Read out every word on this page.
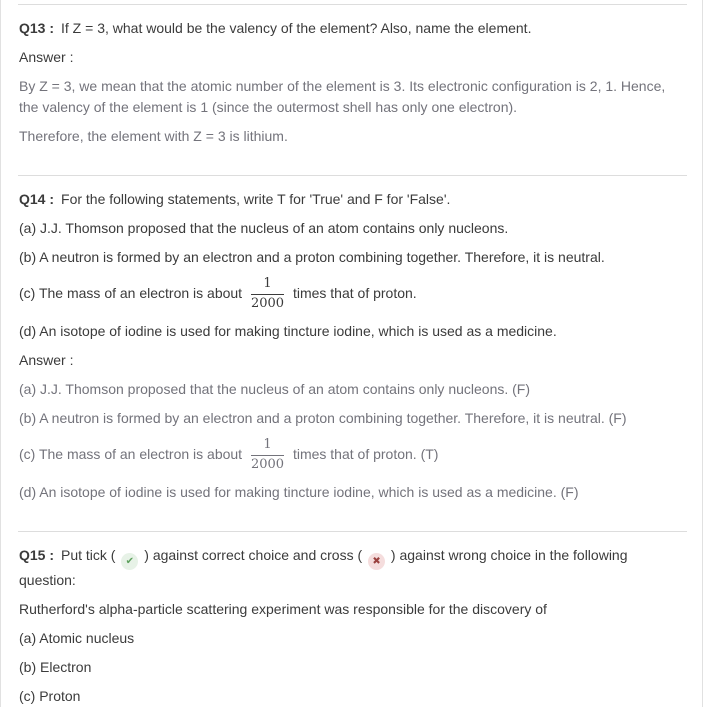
Q13 : If Z = 3, what would be the valency of the element? Also, name the element.

Answer :

By Z = 3, we mean that the atomic number of the element is 3. Its electronic configuration is 2, 1. Hence, the valency of the element is 1 (since the outermost shell has only one electron).

Therefore, the element with Z = 3 is lithium.

Q14 : For the following statements, write T for 'True' and F for 'False'.

(a) J.J. Thomson proposed that the nucleus of an atom contains only nucleons.

(b) A neutron is formed by an electron and a proton combining together. Therefore, it is neutral.

(c) The mass of an electron is about $\frac{1}{2000}$ times that of proton.

(d) An isotope of iodine is used for making tincture iodine, which is used as a medicine.

Answer :

(a) J.J. Thomson proposed that the nucleus of an atom contains only nucleons. (F)

(b) A neutron is formed by an electron and a proton combining together. Therefore, it is neutral. (F)

(c) The mass of an electron is about $\frac{1}{2000}$ times that of proton. (T)

(d) An isotope of iodine is used for making tincture iodine, which is used as a medicine. (F)

Q15 : Put tick ( ✔ ) against correct choice and cross ( ✖ ) against wrong choice in the following question:

Rutherford's alpha-particle scattering experiment was responsible for the discovery of

(a) Atomic nucleus

(b) Electron

(c) Proton
